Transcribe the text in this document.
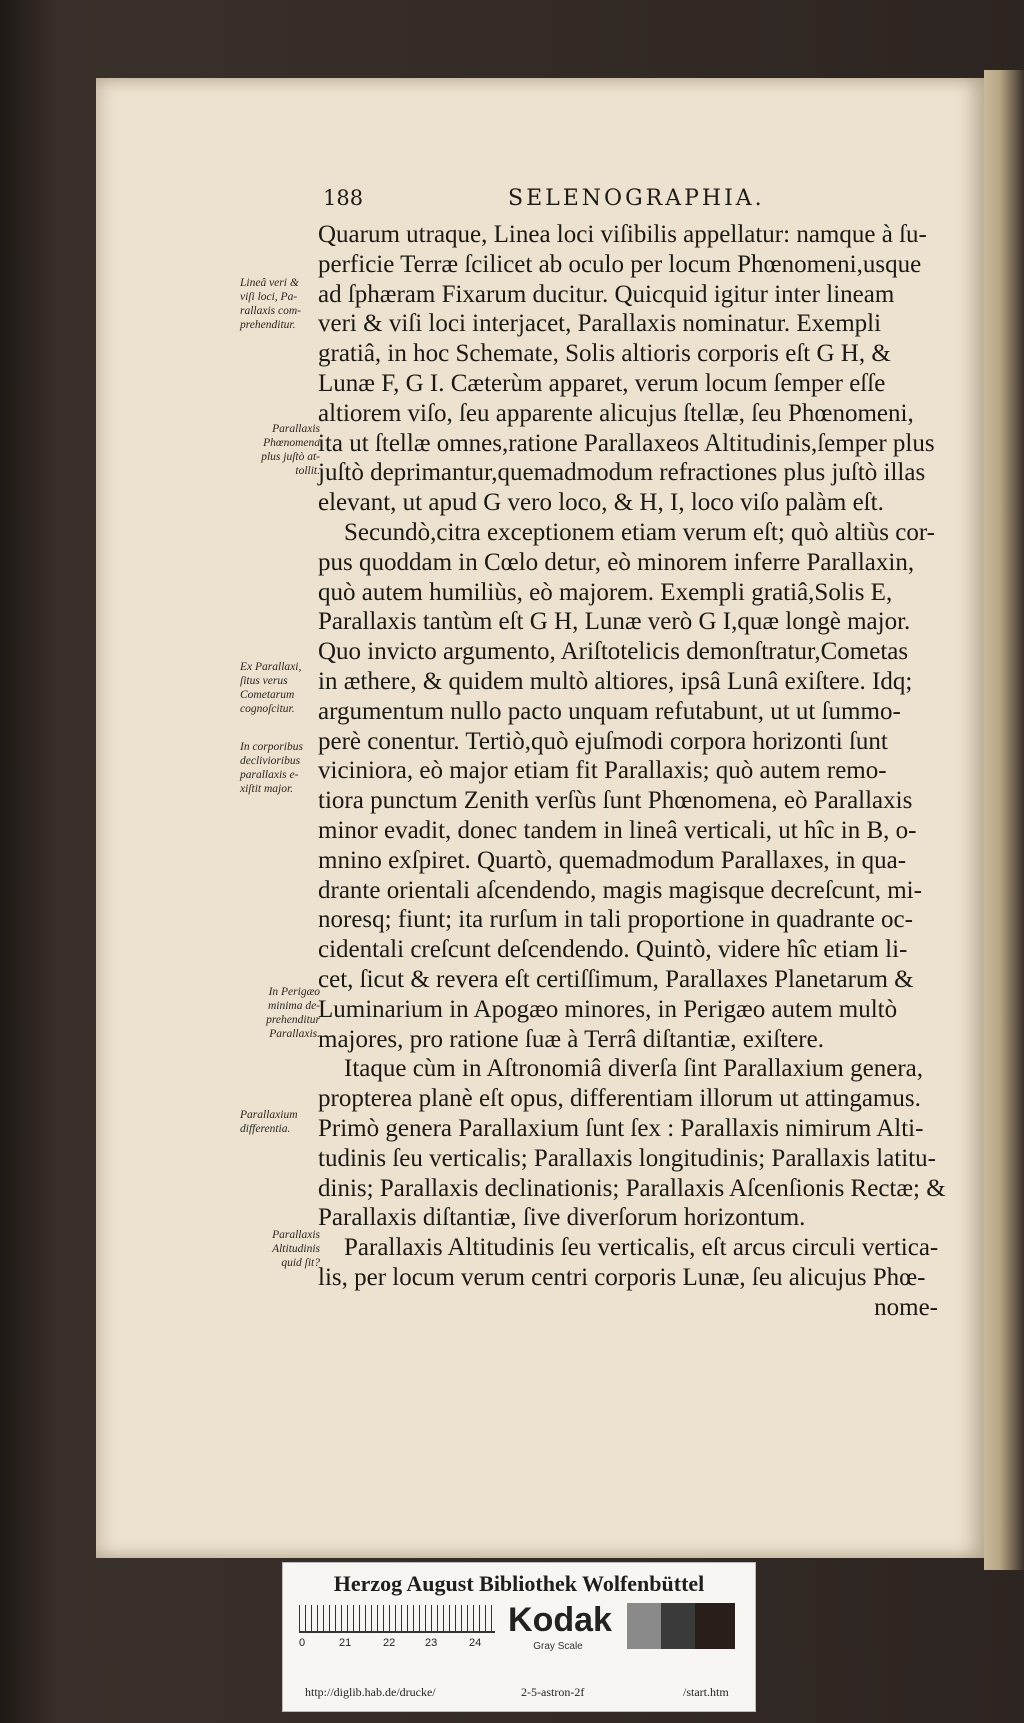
188	SELENOGRAPHIA.
Quarum utraque, Linea loci viſibilis appellatur: namque à ſu-
perficie Terræ ſcilicet ab oculo per locum Phœnomeni,usque
ad ſphæram Fixarum ducitur. Quicquid igitur inter lineam
veri & viſi loci interjacet, Parallaxis nominatur. Exempli
gratiâ, in hoc Schemate, Solis altioris corporis eſt G H, &
Lunæ F, G I. Cæterùm apparet, verum locum ſemper eſſe
altiorem viſo, ſeu apparente alicujus ſtellæ, ſeu Phœnomeni,
ita ut ſtellæ omnes,ratione Parallaxeos Altitudinis,ſemper plus
juſtò deprimantur,quemadmodum refractiones plus juſtò illas
elevant, ut apud G vero loco, & H, I, loco viſo palàm eſt.
Secundò,citra exceptionem etiam verum eſt; quò altiùs cor-
pus quoddam in Cœlo detur, eò minorem inferre Parallaxin,
quò autem humiliùs, eò majorem. Exempli gratiâ,Solis E,
Parallaxis tantùm eſt G H, Lunæ verò G I,quæ longè major.
Quo invicto argumento, Ariſtotelicis demonſtratur,Cometas
in æthere, & quidem multò altiores, ipsâ Lunâ exiſtere. Idq;
argumentum nullo pacto unquam refutabunt, ut ut ſummo-
perè conentur. Tertiò,quò ejuſmodi corpora horizonti ſunt
viciniora, eò major etiam fit Parallaxis; quò autem remo-
tiora punctum Zenith verſùs ſunt Phœnomena, eò Parallaxis
minor evadit, donec tandem in lineâ verticali, ut hîc in B, o-
mnino exſpiret. Quartò, quemadmodum Parallaxes, in qua-
drante orientali aſcendendo, magis magisque decreſcunt, mi-
noresq; fiunt; ita rurſum in tali proportione in quadrante oc-
cidentali creſcunt deſcendendo. Quintò, videre hîc etiam li-
cet, ſicut & revera eſt certiſſimum, Parallaxes Planetarum &
Luminarium in Apogæo minores, in Perigæo autem multò
majores, pro ratione ſuæ à Terrâ diſtantiæ, exiſtere.
Itaque cùm in Aſtronomiâ diverſa ſint Parallaxium genera,
propterea planè eſt opus, differentiam illorum ut attingamus.
Primò genera Parallaxium ſunt ſex : Parallaxis nimirum Alti-
tudinis ſeu verticalis; Parallaxis longitudinis; Parallaxis latitu-
dinis; Parallaxis declinationis; Parallaxis Aſcenſionis Rectæ; &
Parallaxis diſtantiæ, ſive diverſorum horizontum.
Parallaxis Altitudinis ſeu verticalis, eſt arcus circuli vertica-
lis, per locum verum centri corporis Lunæ, ſeu alicujus Phœ-
nome-
Lineâ veri &
viſi loci, Pa-
rallaxis com-
prehenditur.
Parallaxis
Phœnomena
plus juſtò at-
tollit.
Ex Parallaxi,
ſitus verus
Cometarum
cognoſcitur.
In corporibus
declivioribus
parallaxis e-
xiſtit major.
In Perigæo
minima de-
prehenditur
Parallaxis.
Parallaxium
differentia.
Parallaxis
Altitudinis
quid ſit?
Herzog August Bibliothek Wolfenbüttel
0	21	22	23	24
Kodak
Gray Scale
http://diglib.hab.de/drucke/	2-5-astron-2f	/start.htm
